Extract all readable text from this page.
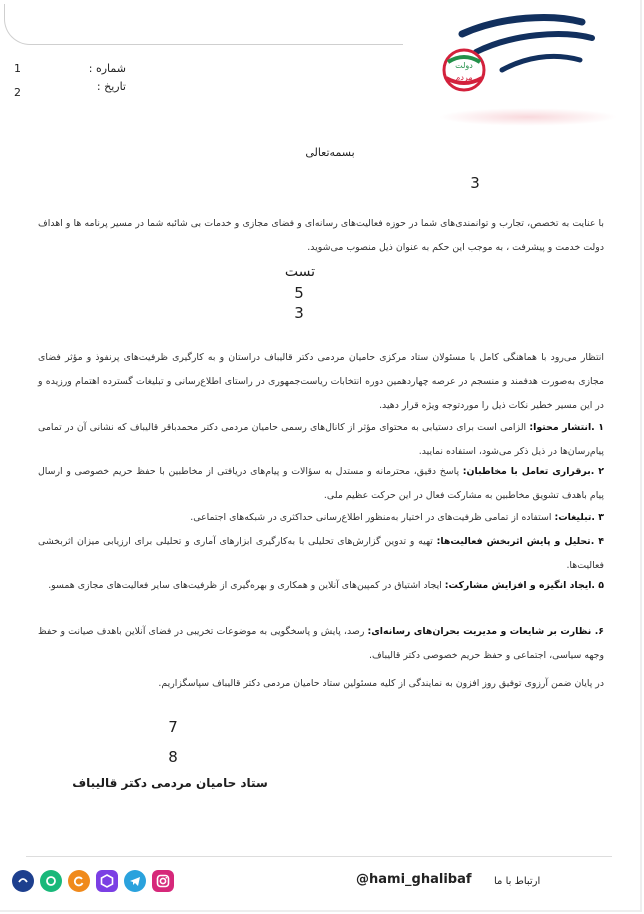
دولت
مردم
1
2
شماره :
تاریخ :
بسمه‌تعالی
3
با عنایت به تخصص، تجارب و توانمندی‌های شما در حوزه فعالیت‌های رسانه‌ای و فضای مجازی و خدمات بی شائبه شما در مسیر پرنامه ها و اهداف دولت خدمت و پیشرفت ، به موجب این حکم به عنوان ذیل منصوب می‌شوید.
تست
5
3
انتظار می‌رود با هماهنگی کامل با مسئولان ستاد مرکزی حامیان مردمی دکتر قالیباف درا‌ستان و به کارگیری ظرفیت‌های پرنفوذ و مؤثر فضای مجازی به‌صورت هدفمند و منسجم در عرصه چهاردهمین دوره انتخابات ریاست‌جمهوری در راستای اطلاع‌رسانی و تبلیغات گسترده اهتمام ورزیده و در این مسیر خطیر نکات ذیل را موردتوجه ویژه قرار دهید.
۱ .انتشار محتوا: الزامی است برای دستیابی به محتوای مؤثر از کانال‌های رسمی حامیان مردمی دکتر محمدباقر قالیباف که نشانی آن در تمامی پیام‌رسان‌ها در ذیل ذکر می‌شود، استفاده نمایید.
۲ .برقراری تعامل با مخاطبان: پاسخ دقیق، محترمانه و مستدل به سؤالات و پیام‌های دریافتی از مخاطبین با حفظ حریم خصوصی و ارسال پیام باهدف تشویق مخاطبین به مشارکت فعال در این حرکت عظیم ملی.
۳ .تبلیغات: استفاده از تمامی ظرفیت‌های در اختیار به‌منظور اطلاع‌رسانی حداکثری در شبکه‌های اجتماعی.
۴ .تحلیل و پایش اثربخش فعالیت‌ها: تهیه و تدوین گزارش‌های تحلیلی با به‌کارگیری ابزارهای آماری و تحلیلی برای ارزیابی میزان اثربخشی فعالیت‌ها.
۵ .ایجاد انگیزه و افزایش مشارکت: ایجاد اشتیاق در کمپین‌های آنلاین و همکاری و بهره‌گیری از ظرفیت‌های سایر فعالیت‌های مجازی همسو.
۶. نظارت بر شایعات و مدیریت بحران‌های رسانه‌ای: رصد، پایش و پاسخگویی به موضوعات تخریبی در فضای آنلاین باهدف صیانت و حفظ وجهه سیاسی، اجتماعی و حفظ حریم خصوصی دکتر قالیباف.
در پایان ضمن آرزوی توفیق روز افزون به نمایندگی از کلیه مسئولین ستاد حامیان مردمی دکتر قالیباف سپاسگزاریم.
7
8
ستاد حامیان مردمی دکتر قالیباف
@hami_ghalibaf ارتباط با ما
